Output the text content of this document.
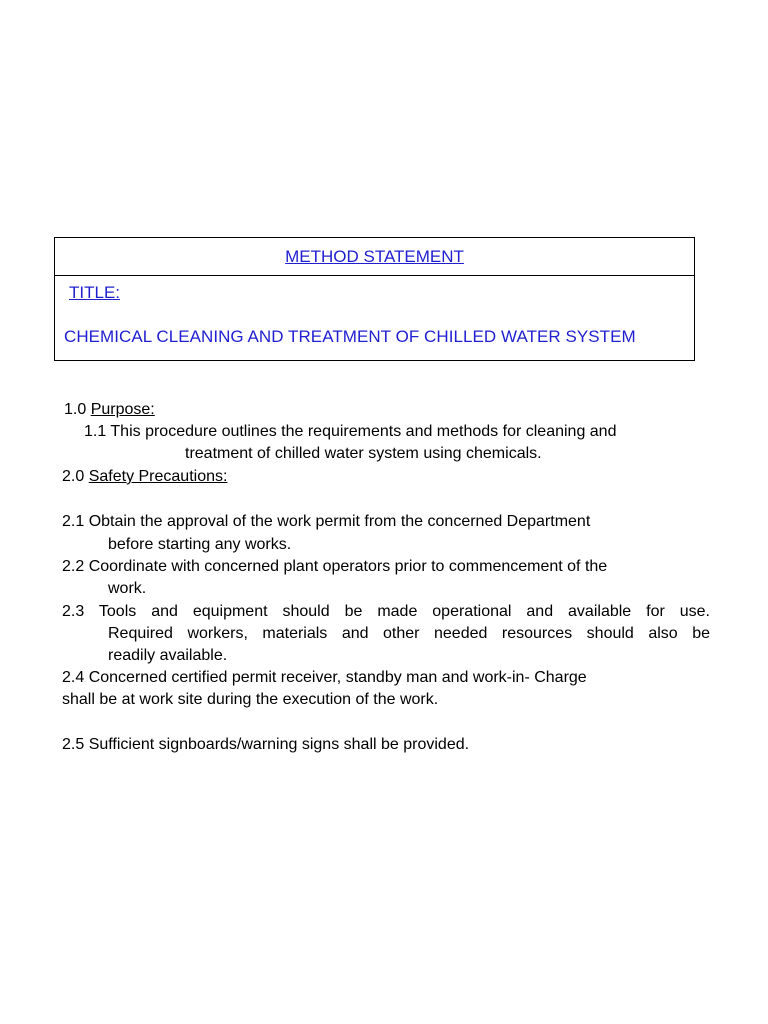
METHOD STATEMENT
TITLE:
CHEMICAL CLEANING AND TREATMENT OF CHILLED WATER SYSTEM
1.0 Purpose:
1.1 This procedure outlines the requirements and methods for cleaning and
treatment of chilled water system using chemicals.
2.0 Safety Precautions:
2.1 Obtain the approval of the work permit from the concerned Department
before starting any works.
2.2 Coordinate with concerned plant operators prior to commencement of the
work.
2.3 Tools and equipment should be made operational and available for use.
Required workers, materials and other needed resources should also be
readily available.
2.4 Concerned certified permit receiver, standby man and work-in- Charge
shall be at work site during the execution of the work.
2.5 Sufficient signboards/warning signs shall be provided.
